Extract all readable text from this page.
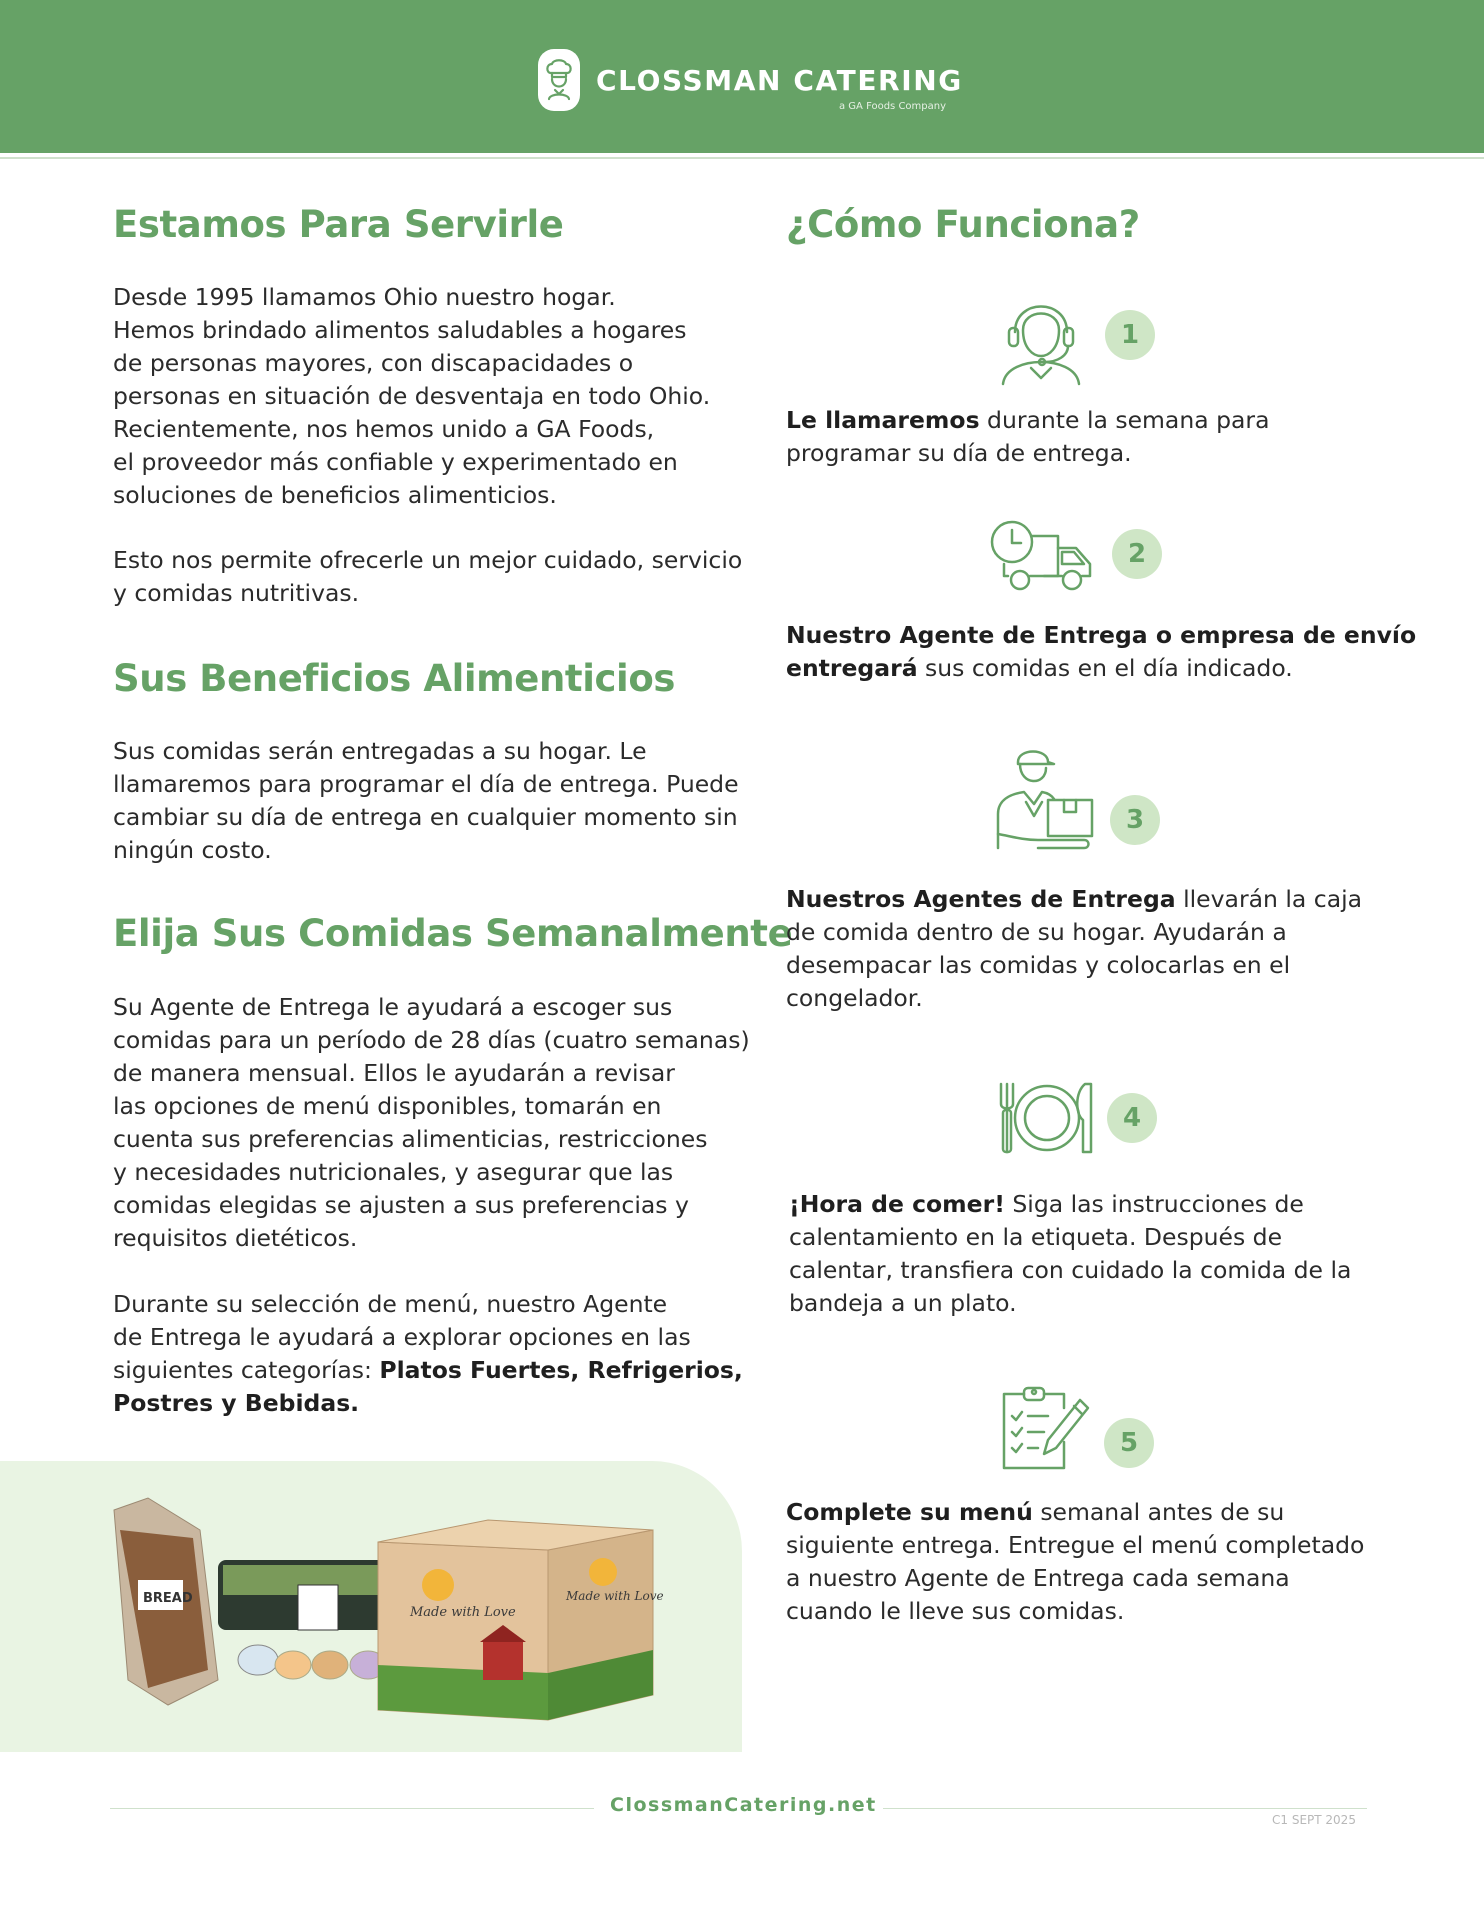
CLOSSMAN CATERING
a GA Foods Company
Estamos Para Servirle

Desde 1995 llamamos Ohio nuestro hogar.
Hemos brindado alimentos saludables a hogares
de personas mayores, con discapacidades o
personas en situación de desventaja en todo Ohio.
Recientemente, nos hemos unido a GA Foods,
el proveedor más confiable y experimentado en
soluciones de beneficios alimenticios.

Esto nos permite ofrecerle un mejor cuidado, servicio
y comidas nutritivas.

Sus Beneficios Alimenticios

Sus comidas serán entregadas a su hogar. Le
llamaremos para programar el día de entrega. Puede
cambiar su día de entrega en cualquier momento sin
ningún costo.

Elija Sus Comidas Semanalmente

Su Agente de Entrega le ayudará a escoger sus
comidas para un período de 28 días (cuatro semanas)
de manera mensual. Ellos le ayudarán a revisar
las opciones de menú disponibles, tomarán en
cuenta sus preferencias alimenticias, restricciones
y necesidades nutricionales, y asegurar que las
comidas elegidas se ajusten a sus preferencias y
requisitos dietéticos.

Durante su selección de menú, nuestro Agente
de Entrega le ayudará a explorar opciones en las
siguientes categorías: Platos Fuertes, Refrigerios,
Postres y Bebidas.

BREAD
Made with Love
Made with Love
¿Cómo Funciona?
1

Le llamaremos durante la semana para
programar su día de entrega.

2

Nuestro Agente de Entrega o empresa de envío
entregará sus comidas en el día indicado.

3

Nuestros Agentes de Entrega llevarán la caja
de comida dentro de su hogar. Ayudarán a
desempacar las comidas y colocarlas en el
congelador.

4

¡Hora de comer! Siga las instrucciones de
calentamiento en la etiqueta. Después de
calentar, transfiera con cuidado la comida de la
bandeja a un plato.

5

Complete su menú semanal antes de su
siguiente entrega. Entregue el menú completado
a nuestro Agente de Entrega cada semana
cuando le lleve sus comidas.

ClossmanCatering.net
C1 SEPT 2025
